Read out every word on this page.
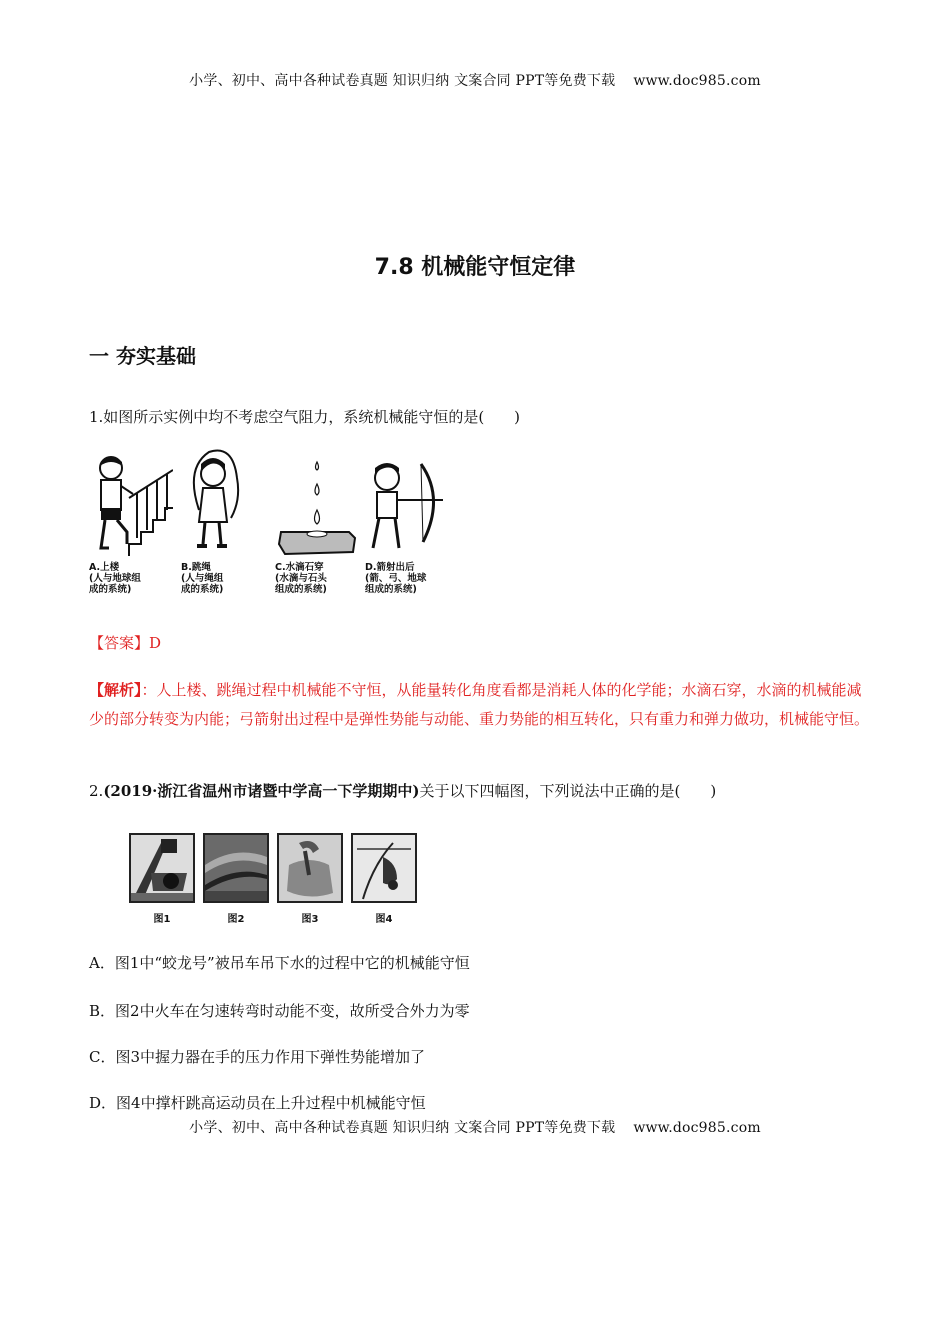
小学、初中、高中各种试卷真题 知识归纳 文案合同 PPT等免费下载 www.doc985.com
7.8 机械能守恒定律
一 夯实基础
1.如图所示实例中均不考虑空气阻力，系统机械能守恒的是(　　)
A.上楼
(人与地球组
成的系统)
B.跳绳
(人与绳组
成的系统)
C.水滴石穿
(水滴与石头
组成的系统)
D.箭射出后
(箭、弓、地球
组成的系统)
【答案】D
【解析】：人上楼、跳绳过程中机械能不守恒，从能量转化角度看都是消耗人体的化学能；水滴石穿，水滴的机械能减少的部分转变为内能；弓箭射出过程中是弹性势能与动能、重力势能的相互转化，只有重力和弹力做功，机械能守恒。
2.(2019·浙江省温州市诸暨中学高一下学期期中)关于以下四幅图，下列说法中正确的是(　　)
图1	图2	图3	图4
A．图1中“蛟龙号”被吊车吊下水的过程中它的机械能守恒
B．图2中火车在匀速转弯时动能不变，故所受合外力为零
C．图3中握力器在手的压力作用下弹性势能增加了
D．图4中撑杆跳高运动员在上升过程中机械能守恒
小学、初中、高中各种试卷真题 知识归纳 文案合同 PPT等免费下载 www.doc985.com
